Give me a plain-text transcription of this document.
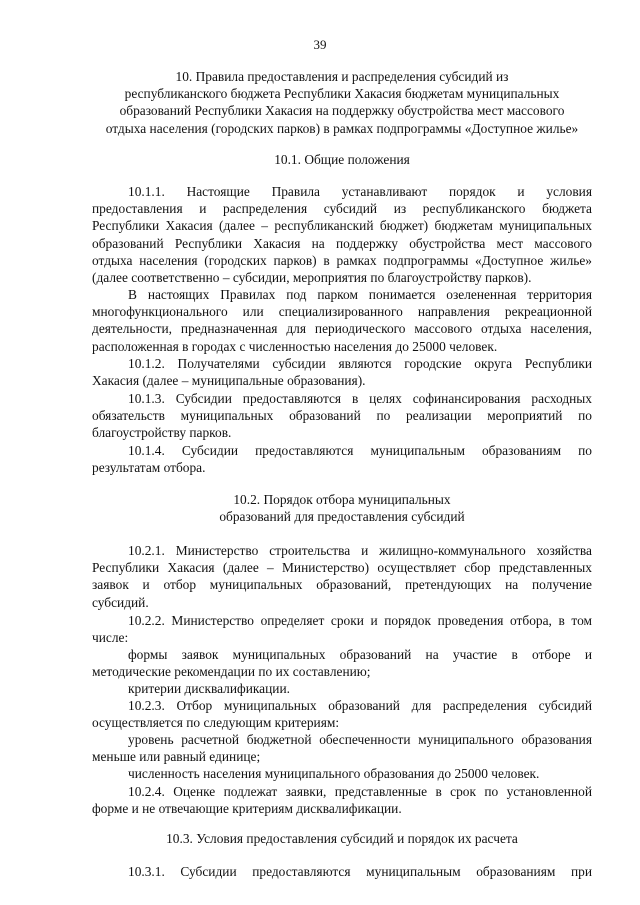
39
10. Правила предоставления и распределения субсидий из
республиканского бюджета Республики Хакасия бюджетам муниципальных
образований Республики Хакасия на поддержку обустройства мест массового
отдыха населения (городских парков) в рамках подпрограммы «Доступное жилье»
10.1. Общие положения
10.1.1. Настоящие Правила устанавливают порядок и условия
предоставления и распределения субсидий из республиканского бюджета
Республики Хакасия (далее – республиканский бюджет) бюджетам муниципальных
образований Республики Хакасия на поддержку обустройства мест массового
отдыха населения (городских парков) в рамках подпрограммы «Доступное жилье»
(далее соответственно – субсидии, мероприятия по благоустройству парков).
В настоящих Правилах под парком понимается озелененная территория
многофункционального или специализированного направления рекреационной
деятельности, предназначенная для периодического массового отдыха населения,
расположенная в городах с численностью населения до 25000 человек.
10.1.2. Получателями субсидии являются городские округа Республики
Хакасия (далее – муниципальные образования).
10.1.3. Субсидии предоставляются в целях софинансирования расходных
обязательств муниципальных образований по реализации мероприятий по
благоустройству парков.
10.1.4. Субсидии предоставляются муниципальным образованиям по
результатам отбора.
10.2. Порядок отбора муниципальных
образований для предоставления субсидий
10.2.1. Министерство строительства и жилищно-коммунального хозяйства
Республики Хакасия (далее – Министерство) осуществляет сбор представленных
заявок и отбор муниципальных образований, претендующих на получение
субсидий.
10.2.2. Министерство определяет сроки и порядок проведения отбора, в том
числе:
формы заявок муниципальных образований на участие в отборе и
методические рекомендации по их составлению;
критерии дисквалификации.
10.2.3. Отбор муниципальных образований для распределения субсидий
осуществляется по следующим критериям:
уровень расчетной бюджетной обеспеченности муниципального образования
меньше или равный единице;
численность населения муниципального образования до 25000 человек.
10.2.4. Оценке подлежат заявки, представленные в срок по установленной
форме и не отвечающие критериям дисквалификации.
10.3. Условия предоставления субсидий и порядок их расчета
10.3.1. Субсидии предоставляются муниципальным образованиям при
